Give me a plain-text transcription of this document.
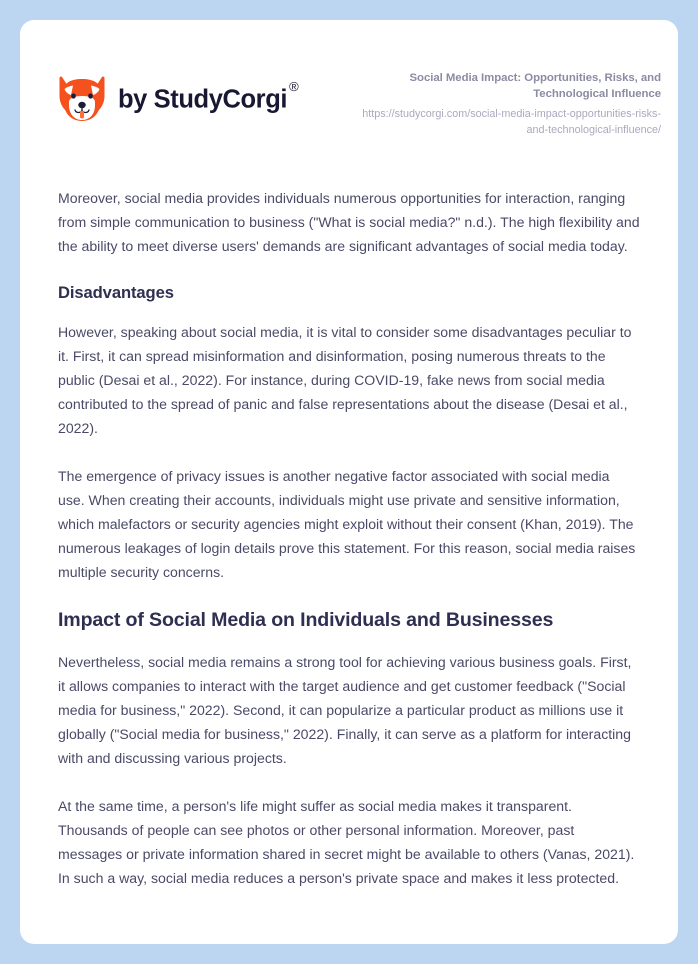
by StudyCorgi ®
Social Media Impact: Opportunities, Risks, and Technological Influence
https://studycorgi.com/social-media-impact-opportunities-risks-and-technological-influence/

Moreover, social media provides individuals numerous opportunities for interaction, ranging from simple communication to business ("What is social media?" n.d.). The high flexibility and the ability to meet diverse users' demands are significant advantages of social media today.

Disadvantages

However, speaking about social media, it is vital to consider some disadvantages peculiar to it. First, it can spread misinformation and disinformation, posing numerous threats to the public (Desai et al., 2022). For instance, during COVID-19, fake news from social media contributed to the spread of panic and false representations about the disease (Desai et al., 2022).

The emergence of privacy issues is another negative factor associated with social media use. When creating their accounts, individuals might use private and sensitive information, which malefactors or security agencies might exploit without their consent (Khan, 2019). The numerous leakages of login details prove this statement. For this reason, social media raises multiple security concerns.

Impact of Social Media on Individuals and Businesses

Nevertheless, social media remains a strong tool for achieving various business goals. First, it allows companies to interact with the target audience and get customer feedback ("Social media for business," 2022). Second, it can popularize a particular product as millions use it globally ("Social media for business," 2022). Finally, it can serve as a platform for interacting with and discussing various projects.

At the same time, a person's life might suffer as social media makes it transparent. Thousands of people can see photos or other personal information. Moreover, past messages or private information shared in secret might be available to others (Vanas, 2021). In such a way, social media reduces a person's private space and makes it less protected.
